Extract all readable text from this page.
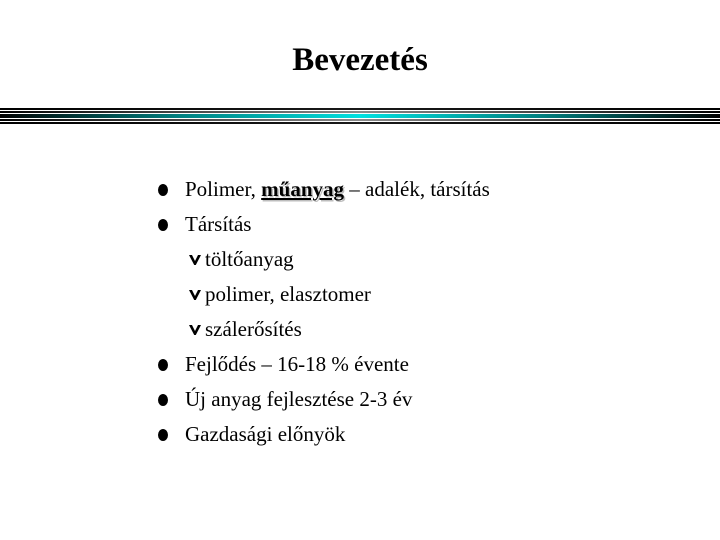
Bevezetés
Polimer, műanyag – adalék, társítás
Társítás
töltőanyag
polimer, elasztomer
szálerősítés
Fejlődés – 16-18 % évente
Új anyag fejlesztése 2-3 év
Gazdasági előnyök
